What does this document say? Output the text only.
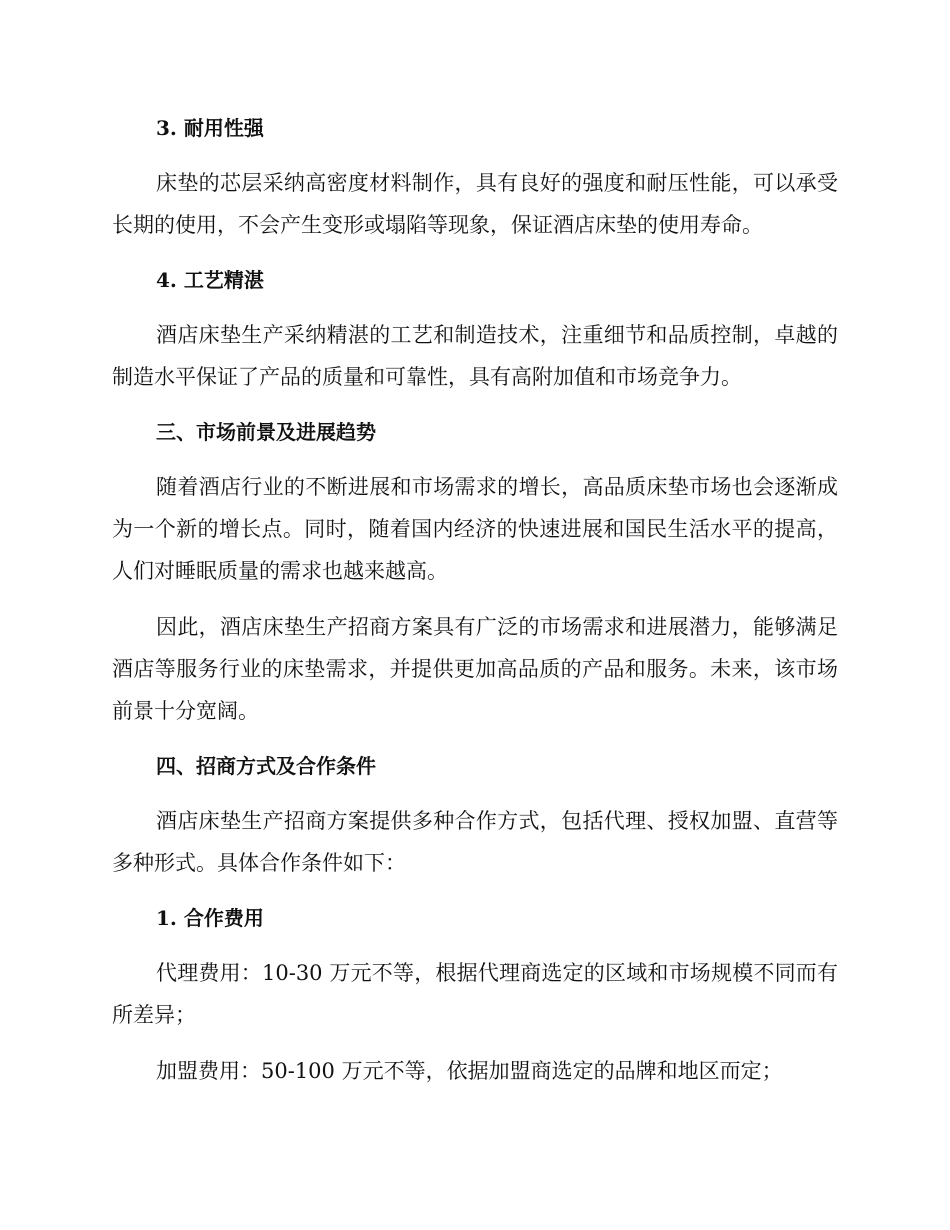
3. 耐用性强

床垫的芯层采纳高密度材料制作，具有良好的强度和耐压性能，可以承受长期的使用，不会产生变形或塌陷等现象，保证酒店床垫的使用寿命。

4. 工艺精湛

酒店床垫生产采纳精湛的工艺和制造技术，注重细节和品质控制，卓越的制造水平保证了产品的质量和可靠性，具有高附加值和市场竞争力。

三、市场前景及进展趋势

随着酒店行业的不断进展和市场需求的增长，高品质床垫市场也会逐渐成为一个新的增长点。同时，随着国内经济的快速进展和国民生活水平的提高，人们对睡眠质量的需求也越来越高。

因此，酒店床垫生产招商方案具有广泛的市场需求和进展潜力，能够满足酒店等服务行业的床垫需求，并提供更加高品质的产品和服务。未来，该市场前景十分宽阔。

四、招商方式及合作条件

酒店床垫生产招商方案提供多种合作方式，包括代理、授权加盟、直营等多种形式。具体合作条件如下：

1. 合作费用

代理费用：10-30 万元不等，根据代理商选定的区域和市场规模不同而有所差异；

加盟费用：50-100 万元不等，依据加盟商选定的品牌和地区而定；
